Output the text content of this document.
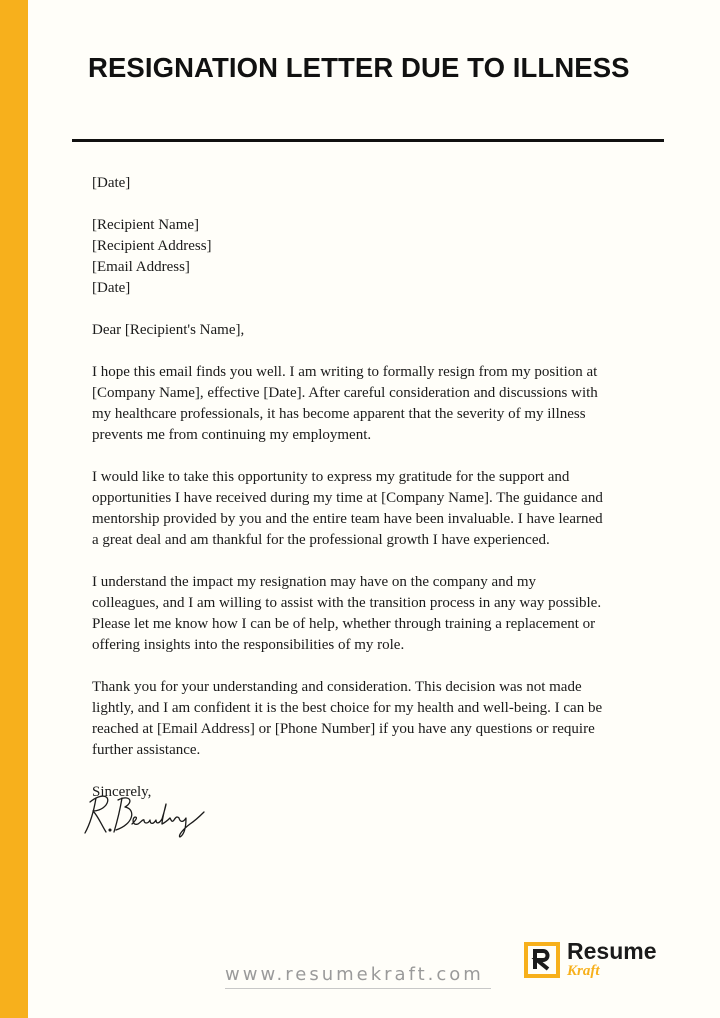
RESIGNATION LETTER DUE TO ILLNESS

[Date]

[Recipient Name]
[Recipient Address]
[Email Address]
[Date]

Dear [Recipient's Name],

I hope this email finds you well. I am writing to formally resign from my position at
[Company Name], effective [Date]. After careful consideration and discussions with
my healthcare professionals, it has become apparent that the severity of my illness
prevents me from continuing my employment.

I would like to take this opportunity to express my gratitude for the support and
opportunities I have received during my time at [Company Name]. The guidance and
mentorship provided by you and the entire team have been invaluable. I have learned
a great deal and am thankful for the professional growth I have experienced.

I understand the impact my resignation may have on the company and my
colleagues, and I am willing to assist with the transition process in any way possible.
Please let me know how I can be of help, whether through training a replacement or
offering insights into the responsibilities of my role.

Thank you for your understanding and consideration. This decision was not made
lightly, and I am confident it is the best choice for my health and well-being. I can be
reached at [Email Address] or [Phone Number] if you have any questions or require
further assistance.

Sincerely,

www.resumekraft.com
Resume
Kraft
